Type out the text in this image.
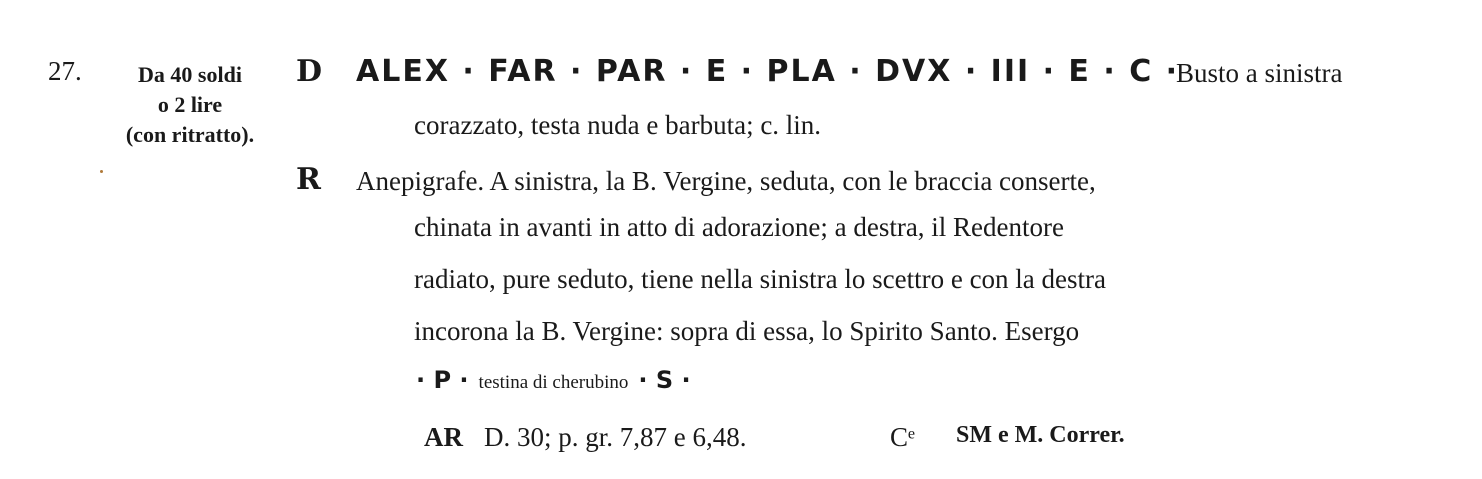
27.	Da 40 soldi
o 2 lire
(con ritratto).
D ALEX · FAR · PAR · E · PLA · DVX · III · E · C ·
Busto a sinistra
corazzato, testa nuda e barbuta; c. lin.
R Anepigrafe. A sinistra, la B. Vergine, seduta, con le braccia conserte,
chinata in avanti in atto di adorazione; a destra, il Redentore
radiato, pure seduto, tiene nella sinistra lo scettro e con la destra
incorona la B. Vergine: sopra di essa, lo Spirito Santo. Esergo
· P · testina di cherubino · S ·
AR D. 30; p. gr. 7,87 e 6,48.	Cᵉ SM e M. Correr.
